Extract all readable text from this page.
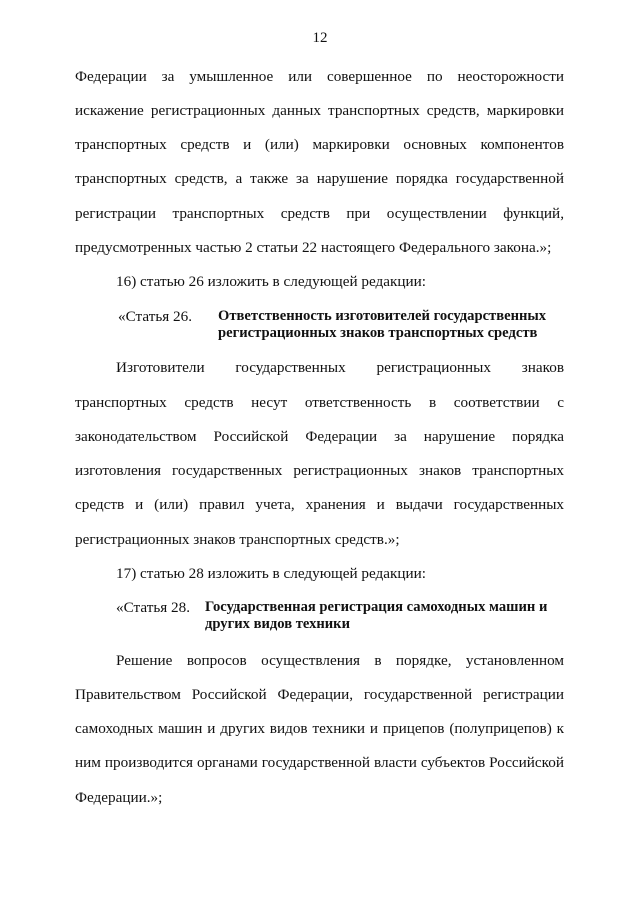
12
Федерации за умышленное или совершенное по неосторожности
искажение регистрационных данных транспортных средств, маркировки
транспортных средств и (или) маркировки основных компонентов
транспортных средств, а также за нарушение порядка государственной
регистрации транспортных средств при осуществлении функций,
предусмотренных частью 2 статьи 22 настоящего Федерального закона.»;
16) статью 26 изложить в следующей редакции:
«Статья 26. Ответственность изготовителей государственных
регистрационных знаков транспортных средств
Изготовители государственных регистрационных знаков
транспортных средств несут ответственность в соответствии с
законодательством Российской Федерации за нарушение порядка
изготовления государственных регистрационных знаков транспортных
средств и (или) правил учета, хранения и выдачи государственных
регистрационных знаков транспортных средств.»;
17) статью 28 изложить в следующей редакции:
«Статья 28. Государственная регистрация самоходных машин и
других видов техники
Решение вопросов осуществления в порядке, установленном
Правительством Российской Федерации, государственной регистрации
самоходных машин и других видов техники и прицепов (полуприцепов) к
ним производится органами государственной власти субъектов Российской
Федерации.»;
